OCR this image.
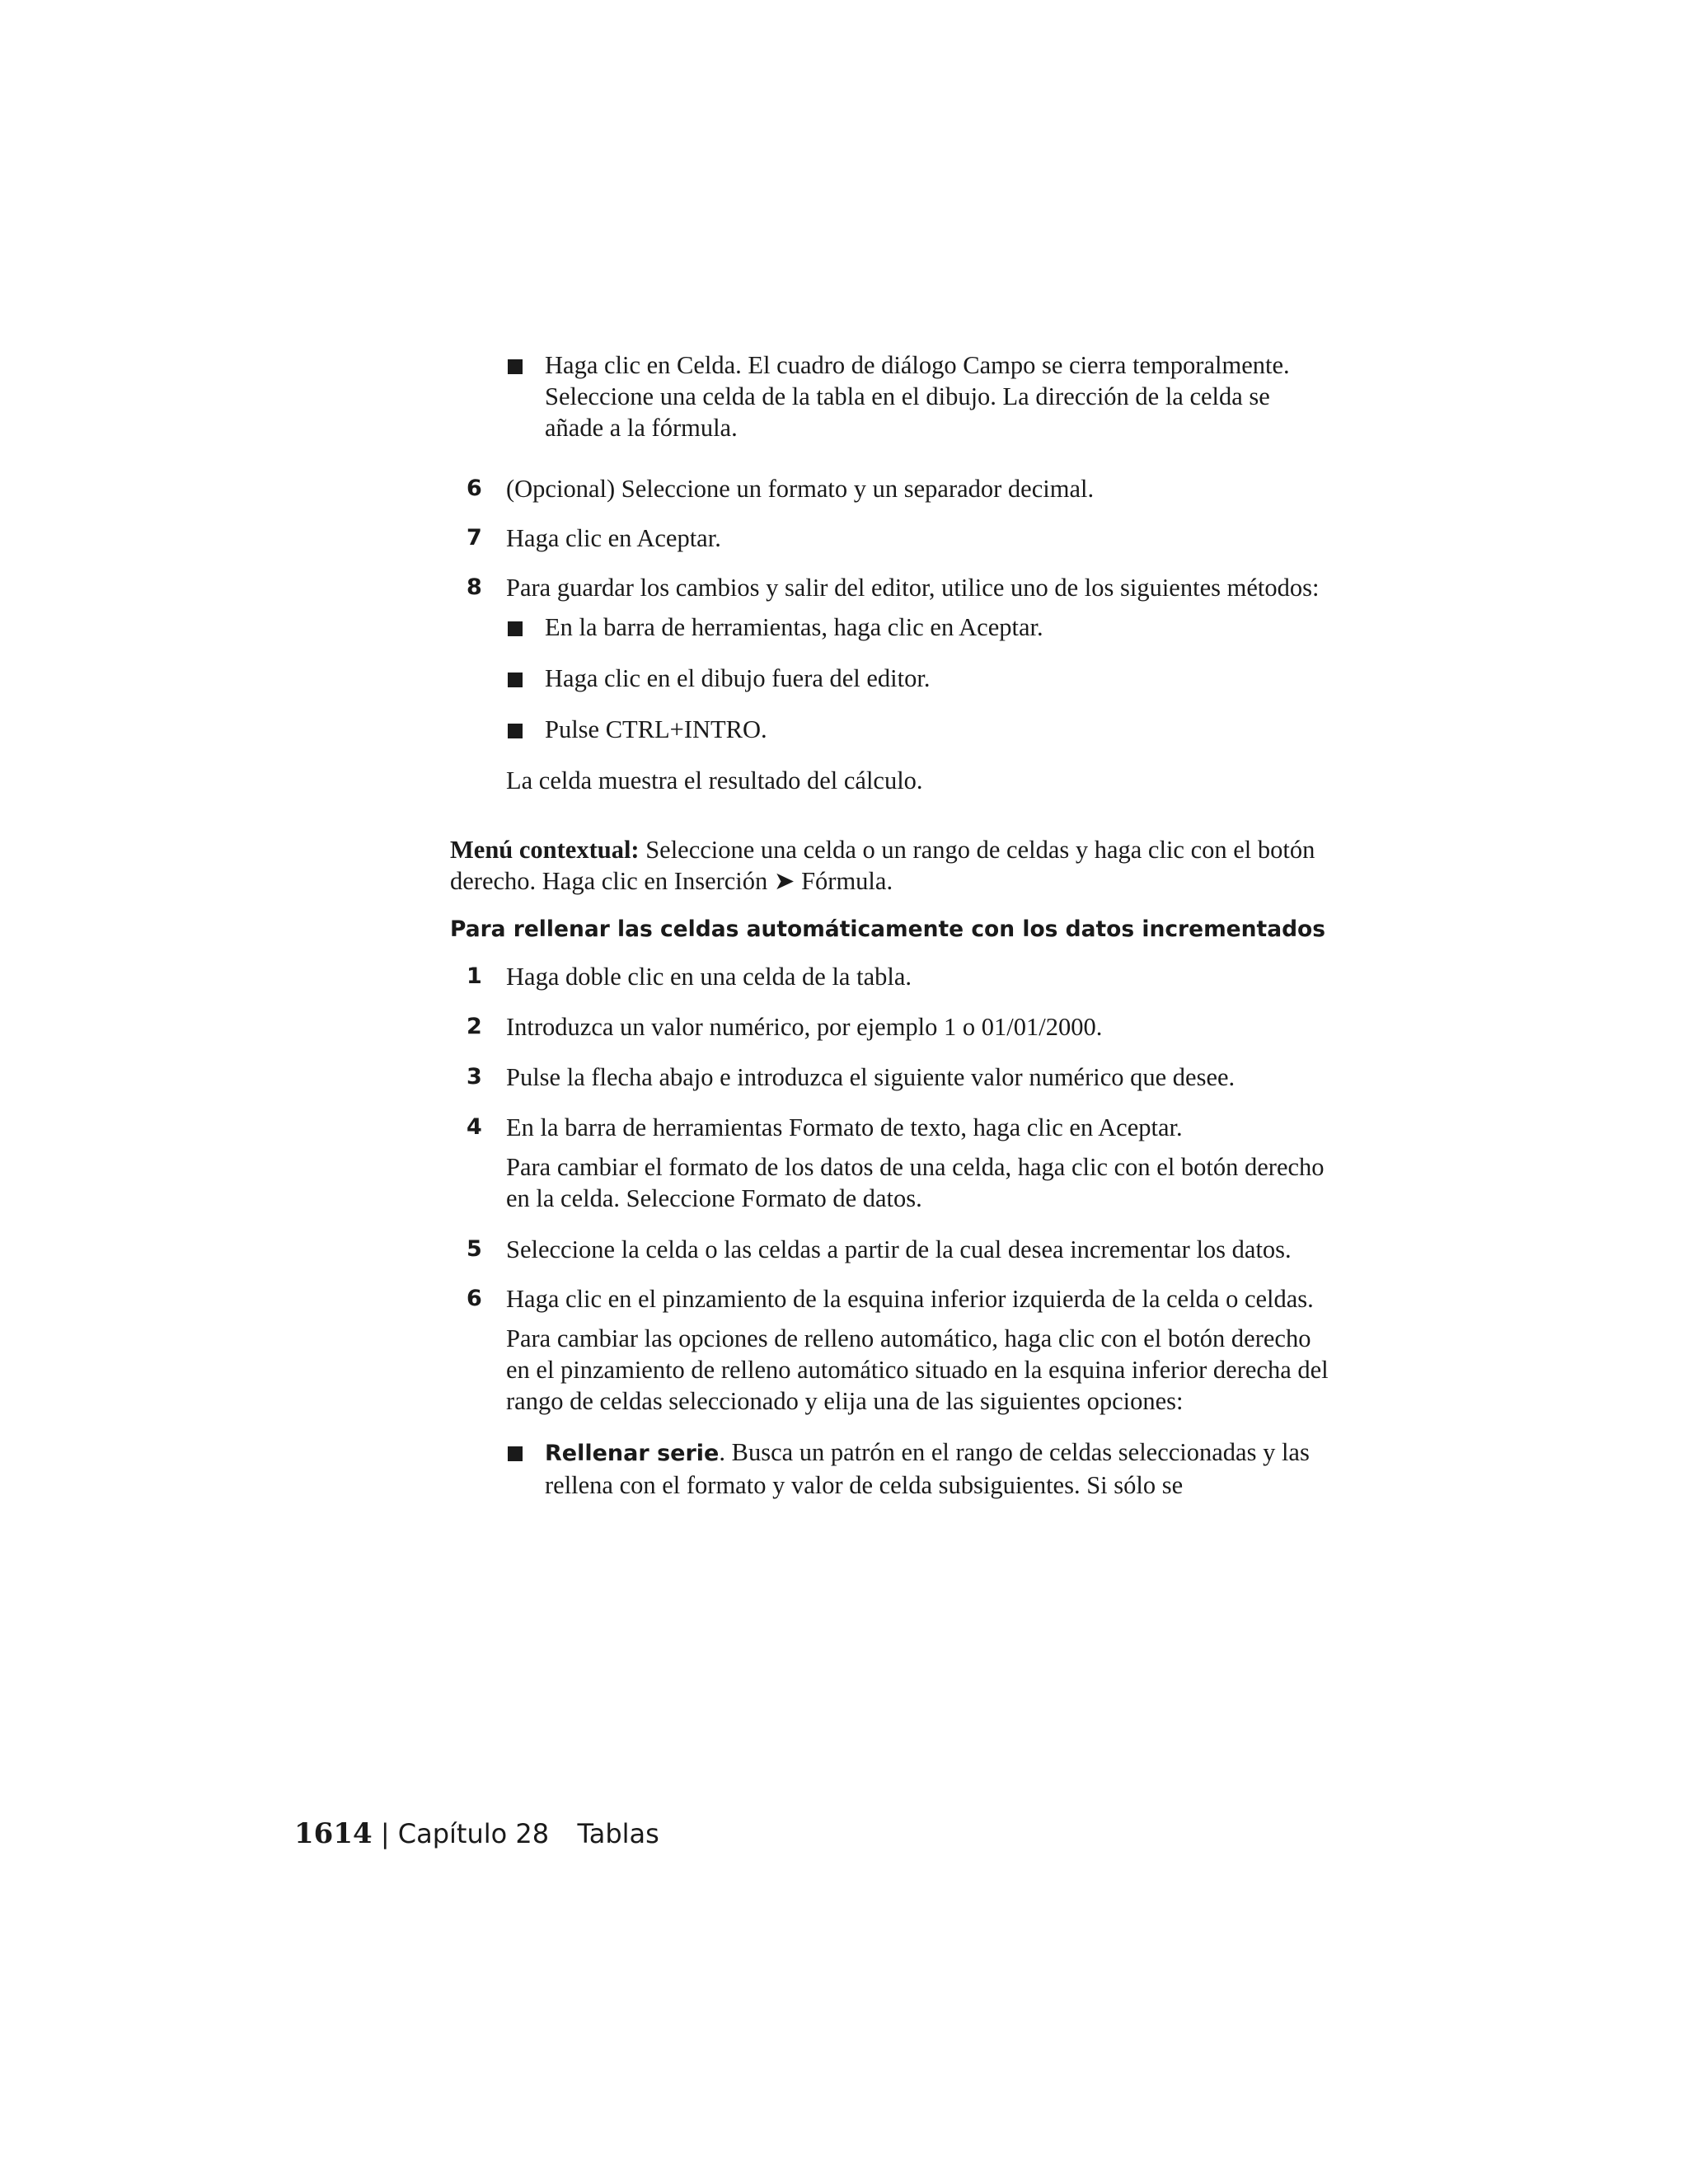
Haga clic en Celda. El cuadro de diálogo Campo se cierra temporalmente. Seleccione una celda de la tabla en el dibujo. La dirección de la celda se añade a la fórmula.
6 (Opcional) Seleccione un formato y un separador decimal.
7 Haga clic en Aceptar.
8 Para guardar los cambios y salir del editor, utilice uno de los siguientes métodos:
En la barra de herramientas, haga clic en Aceptar.
Haga clic en el dibujo fuera del editor.
Pulse CTRL+INTRO.
La celda muestra el resultado del cálculo.
Menú contextual: Seleccione una celda o un rango de celdas y haga clic con el botón derecho. Haga clic en Inserción ➤ Fórmula.
Para rellenar las celdas automáticamente con los datos incrementados
1 Haga doble clic en una celda de la tabla.
2 Introduzca un valor numérico, por ejemplo 1 o 01/01/2000.
3 Pulse la flecha abajo e introduzca el siguiente valor numérico que desee.
4 En la barra de herramientas Formato de texto, haga clic en Aceptar.
Para cambiar el formato de los datos de una celda, haga clic con el botón derecho en la celda. Seleccione Formato de datos.
5 Seleccione la celda o las celdas a partir de la cual desea incrementar los datos.
6 Haga clic en el pinzamiento de la esquina inferior izquierda de la celda o celdas.
Para cambiar las opciones de relleno automático, haga clic con el botón derecho en el pinzamiento de relleno automático situado en la esquina inferior derecha del rango de celdas seleccionado y elija una de las siguientes opciones:
Rellenar serie. Busca un patrón en el rango de celdas seleccionadas y las rellena con el formato y valor de celda subsiguientes. Si sólo se
1614 | Capítulo 28 Tablas
